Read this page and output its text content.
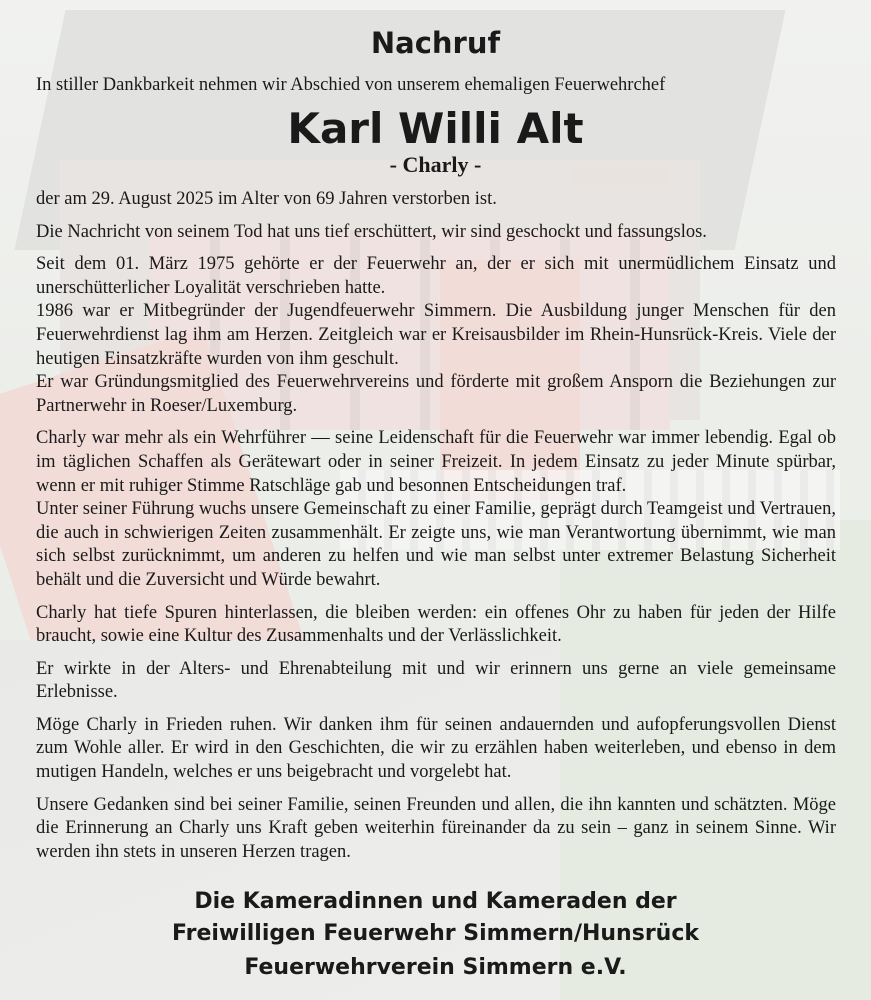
Nachruf
In stiller Dankbarkeit nehmen wir Abschied von unserem ehemaligen Feuerwehrchef
Karl Willi Alt
- Charly -

der am 29. August 2025 im Alter von 69 Jahren verstorben ist.

Die Nachricht von seinem Tod hat uns tief erschüttert, wir sind geschockt und fassungslos.

Seit dem 01. März 1975 gehörte er der Feuerwehr an, der er sich mit unermüdlichem Einsatz und unerschütterlicher Loyalität verschrieben hatte.

1986 war er Mitbegründer der Jugendfeuerwehr Simmern. Die Ausbildung junger Menschen für den Feuerwehrdienst lag ihm am Herzen. Zeitgleich war er Kreisausbilder im Rhein-Hunsrück-Kreis. Viele der heutigen Einsatzkräfte wurden von ihm geschult.

Er war Gründungsmitglied des Feuerwehrvereins und förderte mit großem Ansporn die Beziehungen zur Partnerwehr in Roeser/Luxemburg.

Charly war mehr als ein Wehrführer — seine Leidenschaft für die Feuerwehr war immer lebendig. Egal ob im täglichen Schaffen als Gerätewart oder in seiner Freizeit. In jedem Einsatz zu jeder Minute spürbar, wenn er mit ruhiger Stimme Ratschläge gab und besonnen Entscheidungen traf.

Unter seiner Führung wuchs unsere Gemeinschaft zu einer Familie, geprägt durch Teamgeist und Vertrauen, die auch in schwierigen Zeiten zusammenhält. Er zeigte uns, wie man Verantwortung übernimmt, wie man sich selbst zurücknimmt, um anderen zu helfen und wie man selbst unter extremer Belastung Sicherheit behält und die Zuversicht und Würde bewahrt.

Charly hat tiefe Spuren hinterlassen, die bleiben werden: ein offenes Ohr zu haben für jeden der Hilfe braucht, sowie eine Kultur des Zusammenhalts und der Verlässlichkeit.

Er wirkte in der Alters- und Ehrenabteilung mit und wir erinnern uns gerne an viele gemeinsame Erlebnisse.

Möge Charly in Frieden ruhen. Wir danken ihm für seinen andauernden und aufopferungsvollen Dienst zum Wohle aller. Er wird in den Geschichten, die wir zu erzählen haben weiterleben, und ebenso in dem mutigen Handeln, welches er uns beigebracht und vorgelebt hat.

Unsere Gedanken sind bei seiner Familie, seinen Freunden und allen, die ihn kannten und schätzten. Möge die Erinnerung an Charly uns Kraft geben weiterhin füreinander da zu sein – ganz in seinem Sinne. Wir werden ihn stets in unseren Herzen tragen.

Die Kameradinnen und Kameraden der
Freiwilligen Feuerwehr Simmern/Hunsrück
Feuerwehrverein Simmern e.V.
